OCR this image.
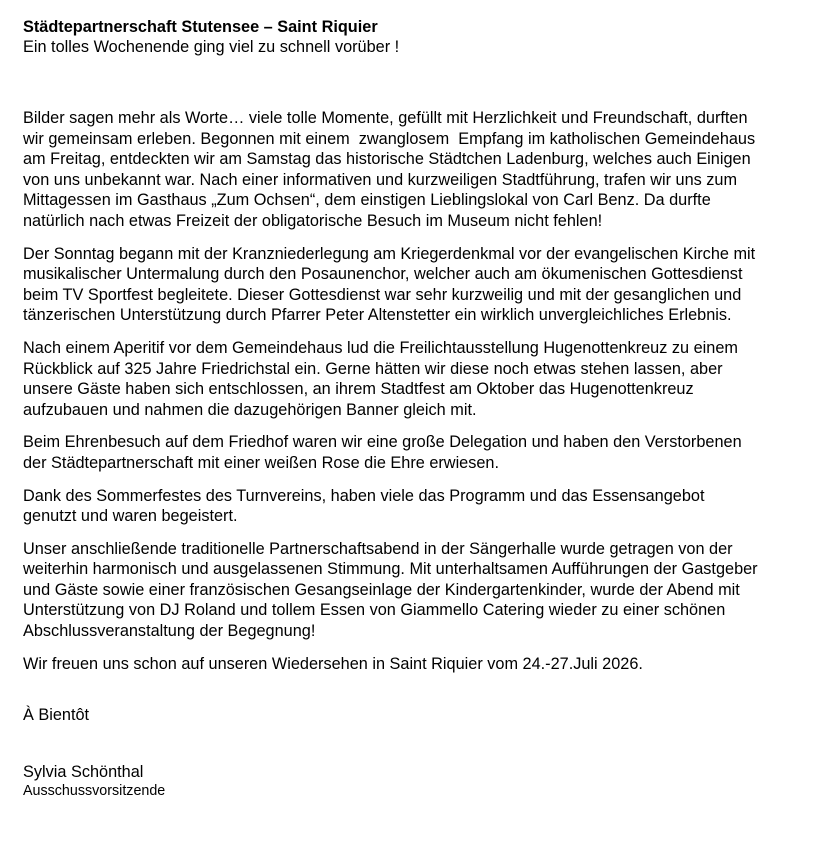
Städtepartnerschaft Stutensee – Saint Riquier
Ein tolles Wochenende ging viel zu schnell vorüber !
Bilder sagen mehr als Worte… viele tolle Momente, gefüllt mit Herzlichkeit und Freundschaft, durften
wir gemeinsam erleben. Begonnen mit einem  zwanglosem  Empfang im katholischen Gemeindehaus
am Freitag, entdeckten wir am Samstag das historische Städtchen Ladenburg, welches auch Einigen
von uns unbekannt war. Nach einer informativen und kurzweiligen Stadtführung, trafen wir uns zum
Mittagessen im Gasthaus „Zum Ochsen“, dem einstigen Lieblingslokal von Carl Benz. Da durfte
natürlich nach etwas Freizeit der obligatorische Besuch im Museum nicht fehlen!
Der Sonntag begann mit der Kranzniederlegung am Kriegerdenkmal vor der evangelischen Kirche mit
musikalischer Untermalung durch den Posaunenchor, welcher auch am ökumenischen Gottesdienst
beim TV Sportfest begleitete. Dieser Gottesdienst war sehr kurzweilig und mit der gesanglichen und
tänzerischen Unterstützung durch Pfarrer Peter Altenstetter ein wirklich unvergleichliches Erlebnis.
Nach einem Aperitif vor dem Gemeindehaus lud die Freilichtausstellung Hugenottenkreuz zu einem
Rückblick auf 325 Jahre Friedrichstal ein. Gerne hätten wir diese noch etwas stehen lassen, aber
unsere Gäste haben sich entschlossen, an ihrem Stadtfest am Oktober das Hugenottenkreuz
aufzubauen und nahmen die dazugehörigen Banner gleich mit.
Beim Ehrenbesuch auf dem Friedhof waren wir eine große Delegation und haben den Verstorbenen
der Städtepartnerschaft mit einer weißen Rose die Ehre erwiesen.
Dank des Sommerfestes des Turnvereins, haben viele das Programm und das Essensangebot
genutzt und waren begeistert.
Unser anschließende traditionelle Partnerschaftsabend in der Sängerhalle wurde getragen von der
weiterhin harmonisch und ausgelassenen Stimmung. Mit unterhaltsamen Aufführungen der Gastgeber
und Gäste sowie einer französischen Gesangseinlage der Kindergartenkinder, wurde der Abend mit
Unterstützung von DJ Roland und tollem Essen von Giammello Catering wieder zu einer schönen
Abschlussveranstaltung der Begegnung!
Wir freuen uns schon auf unseren Wiedersehen in Saint Riquier vom 24.-27.Juli 2026.
À Bientôt
Sylvia Schönthal
Ausschussvorsitzende
